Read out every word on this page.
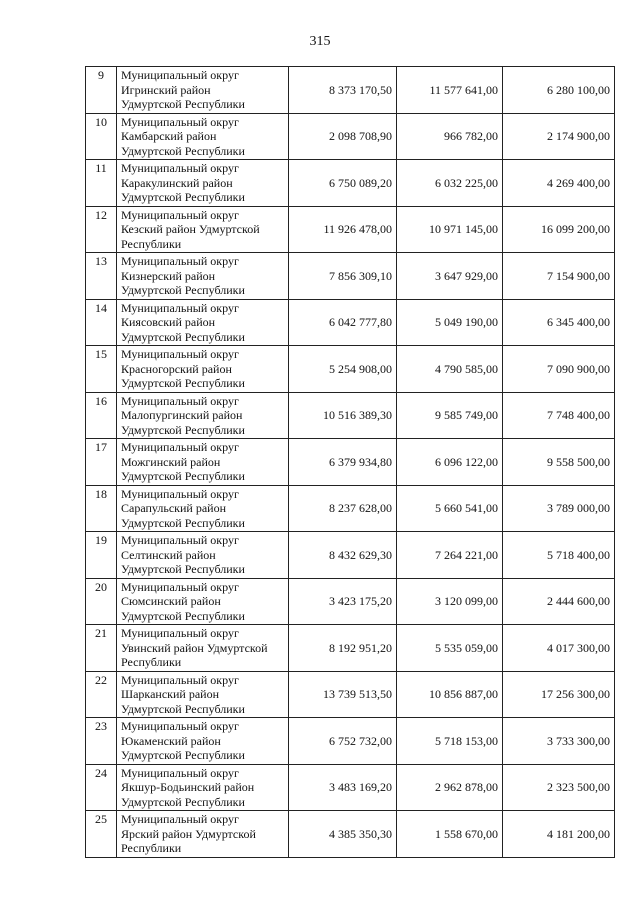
315
9	Муниципальный округ
Игринский район
Удмуртской Республики	8 373 170,50	11 577 641,00	6 280 100,00
10	Муниципальный округ
Камбарский район
Удмуртской Республики	2 098 708,90	966 782,00	2 174 900,00
11	Муниципальный округ
Каракулинский район
Удмуртской Республики	6 750 089,20	6 032 225,00	4 269 400,00
12	Муниципальный округ
Кезский район Удмуртской
Республики	11 926 478,00	10 971 145,00	16 099 200,00
13	Муниципальный округ
Кизнерский район
Удмуртской Республики	7 856 309,10	3 647 929,00	7 154 900,00
14	Муниципальный округ
Киясовский район
Удмуртской Республики	6 042 777,80	5 049 190,00	6 345 400,00
15	Муниципальный округ
Красногорский район
Удмуртской Республики	5 254 908,00	4 790 585,00	7 090 900,00
16	Муниципальный округ
Малопургинский район
Удмуртской Республики	10 516 389,30	9 585 749,00	7 748 400,00
17	Муниципальный округ
Можгинский район
Удмуртской Республики	6 379 934,80	6 096 122,00	9 558 500,00
18	Муниципальный округ
Сарапульский район
Удмуртской Республики	8 237 628,00	5 660 541,00	3 789 000,00
19	Муниципальный округ
Селтинский район
Удмуртской Республики	8 432 629,30	7 264 221,00	5 718 400,00
20	Муниципальный округ
Сюмсинский район
Удмуртской Республики	3 423 175,20	3 120 099,00	2 444 600,00
21	Муниципальный округ
Увинский район Удмуртской
Республики	8 192 951,20	5 535 059,00	4 017 300,00
22	Муниципальный округ
Шарканский район
Удмуртской Республики	13 739 513,50	10 856 887,00	17 256 300,00
23	Муниципальный округ
Юкаменский район
Удмуртской Республики	6 752 732,00	5 718 153,00	3 733 300,00
24	Муниципальный округ
Якшур-Бодьинский район
Удмуртской Республики	3 483 169,20	2 962 878,00	2 323 500,00
25	Муниципальный округ
Ярский район Удмуртской
Республики	4 385 350,30	1 558 670,00	4 181 200,00
